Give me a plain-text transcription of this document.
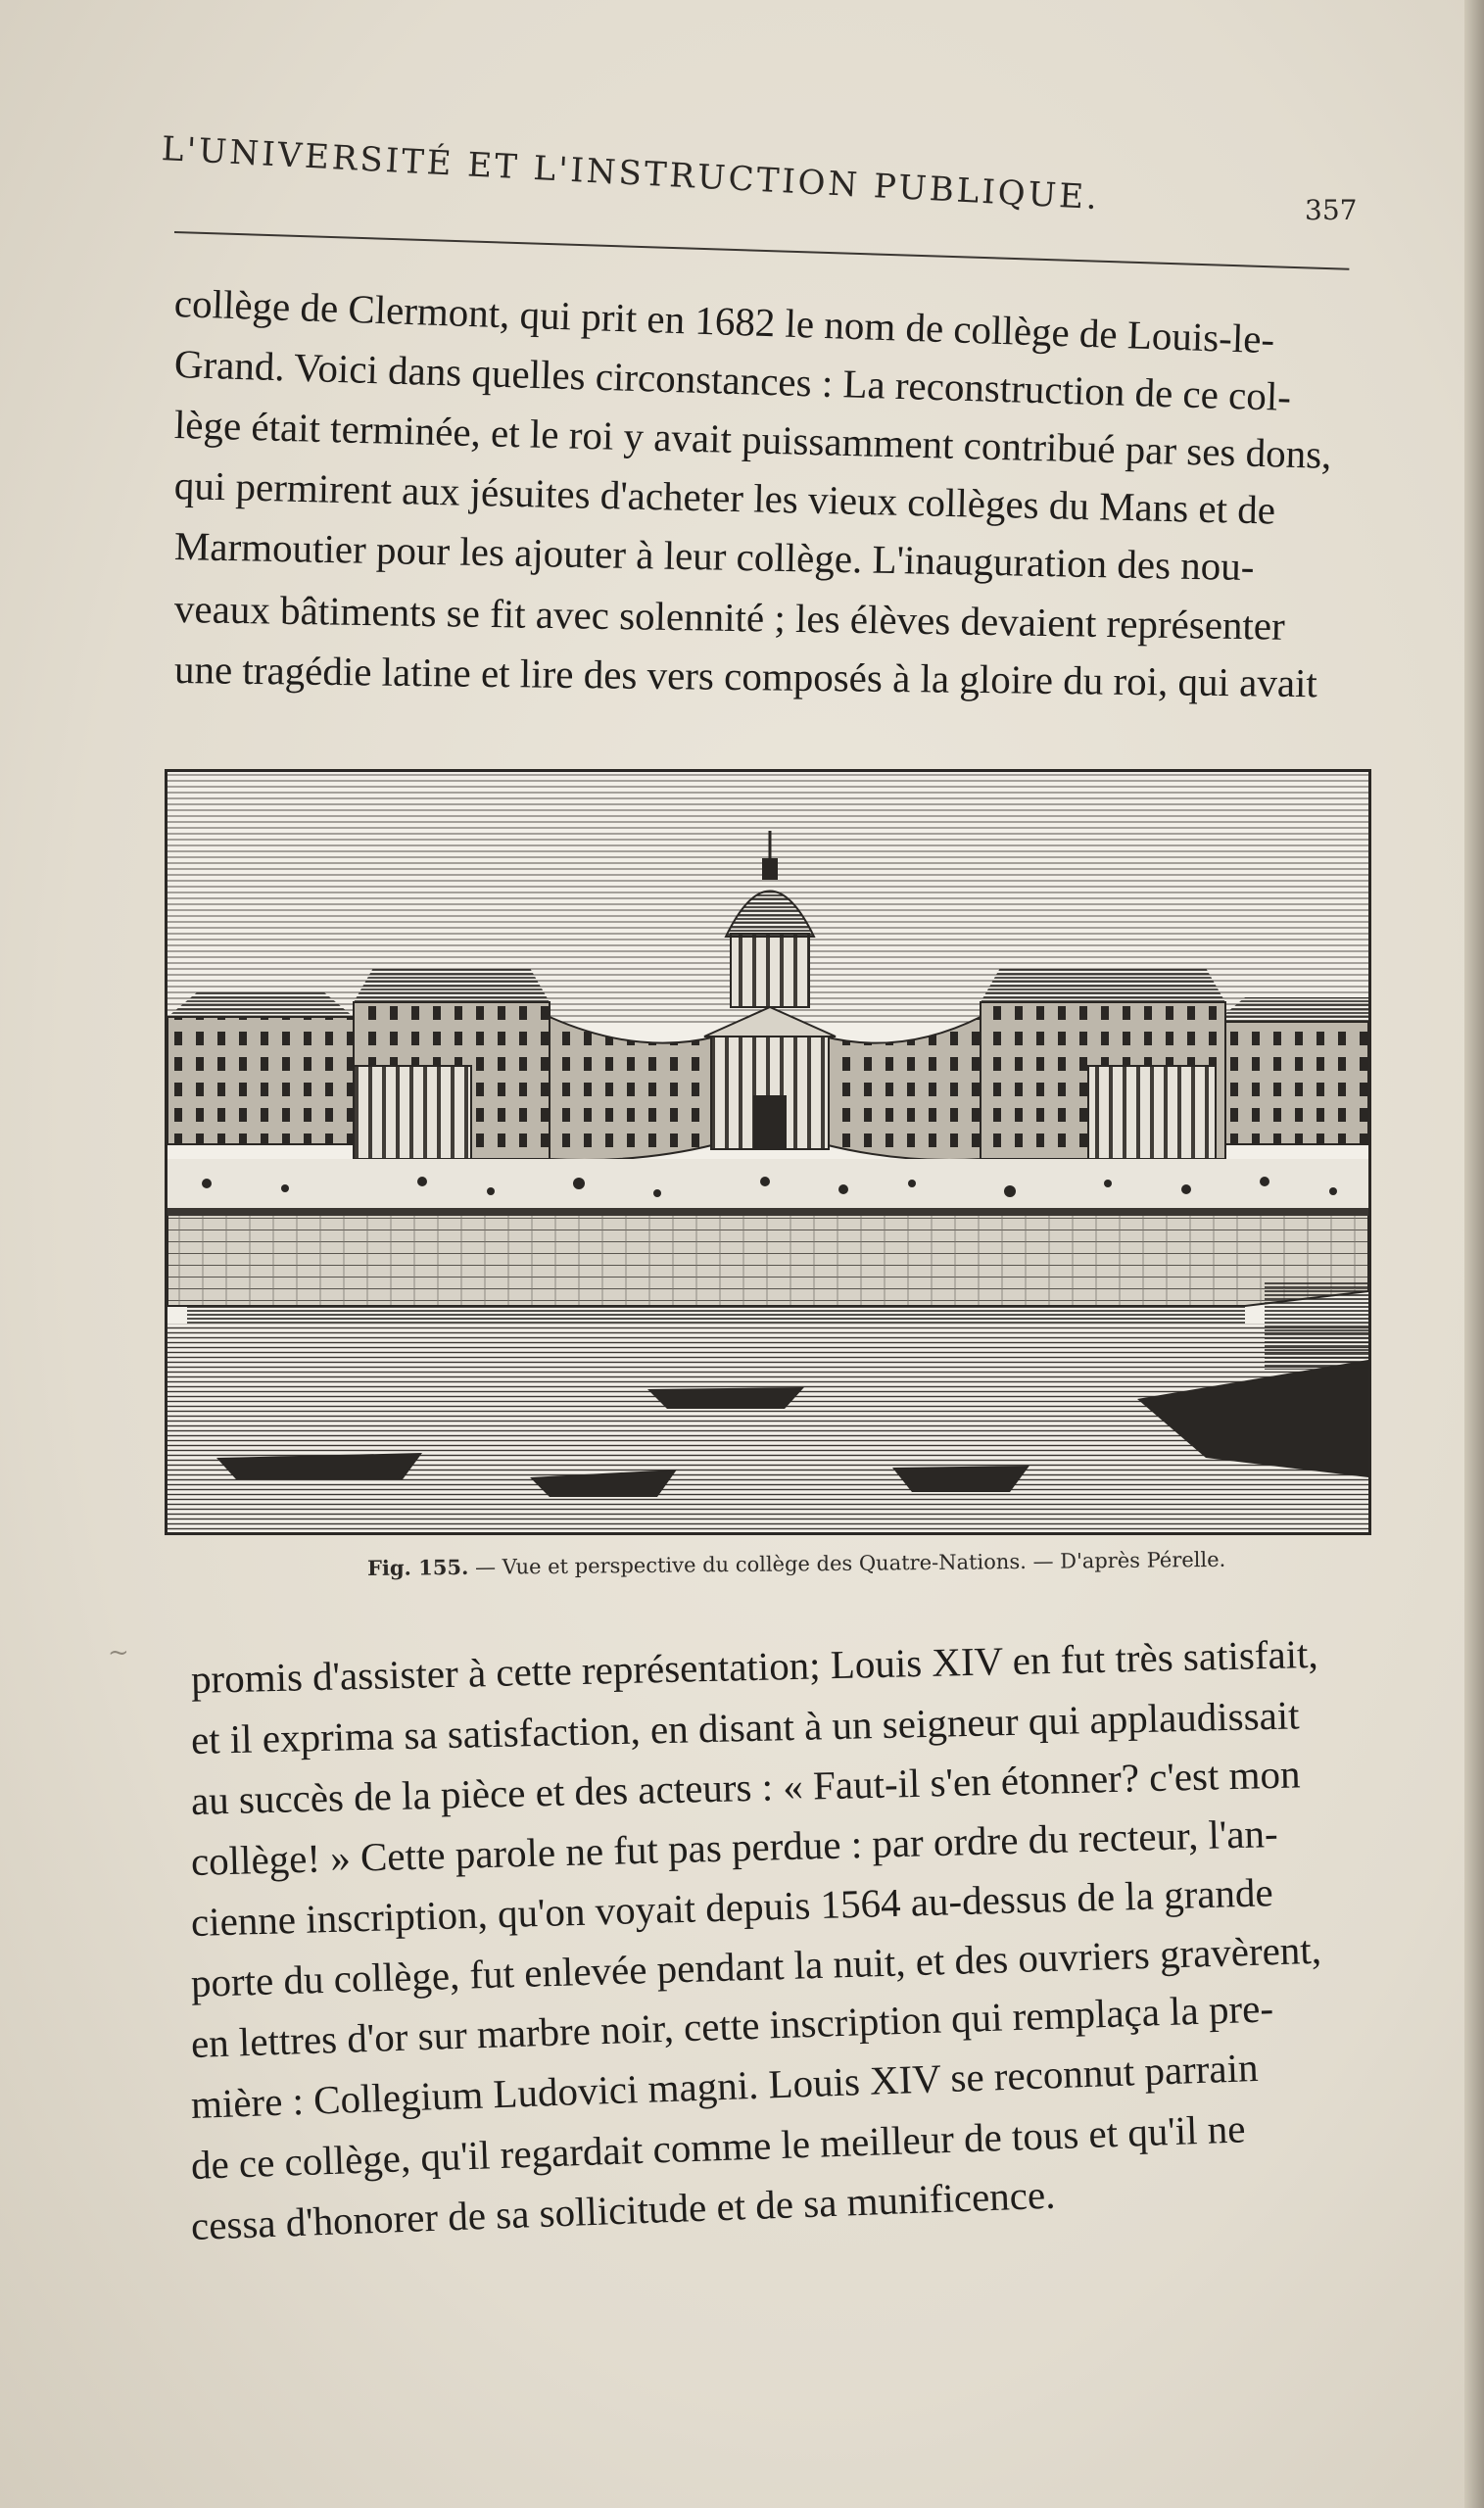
L'UNIVERSITÉ ET L'INSTRUCTION PUBLIQUE.	357
collège de Clermont, qui prit en 1682 le nom de collège de Louis-le-
Grand. Voici dans quelles circonstances : La reconstruction de ce col-
lège était terminée, et le roi y avait puissamment contribué par ses dons,
qui permirent aux jésuites d'acheter les vieux collèges du Mans et de
Marmoutier pour les ajouter à leur collège. L'inauguration des nou-
veaux bâtiments se fit avec solennité ; les élèves devaient représenter
une tragédie latine et lire des vers composés à la gloire du roi, qui avait
Fig. 155. — Vue et perspective du collège des Quatre-Nations. — D'après Pérelle.
~ promis d'assister à cette représentation; Louis XIV en fut très satisfait,
et il exprima sa satisfaction, en disant à un seigneur qui applaudissait
au succès de la pièce et des acteurs : « Faut-il s'en étonner? c'est mon
collège! » Cette parole ne fut pas perdue : par ordre du recteur, l'an-
cienne inscription, qu'on voyait depuis 1564 au-dessus de la grande
porte du collège, fut enlevée pendant la nuit, et des ouvriers gravèrent,
en lettres d'or sur marbre noir, cette inscription qui remplaça la pre-
mière : Collegium Ludovici magni. Louis XIV se reconnut parrain
de ce collège, qu'il regardait comme le meilleur de tous et qu'il ne
cessa d'honorer de sa sollicitude et de sa munificence.
